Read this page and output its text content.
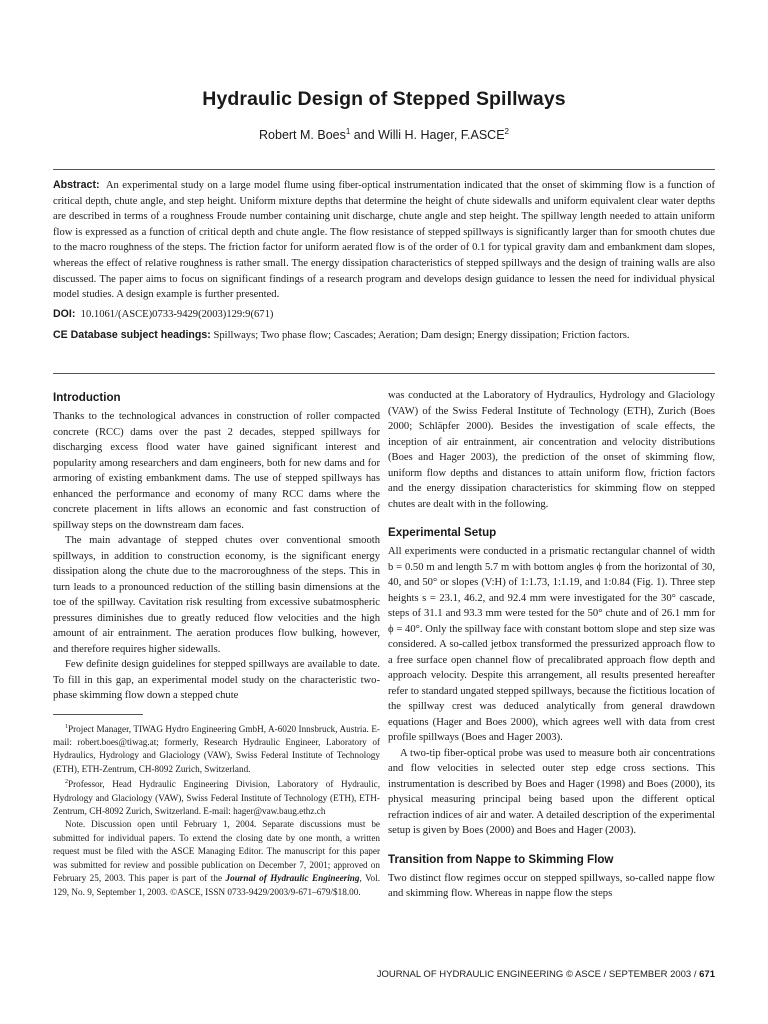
Hydraulic Design of Stepped Spillways
Robert M. Boes$^1$ and Willi H. Hager, F.ASCE$^2$

Abstract: An experimental study on a large model flume using fiber-optical instrumentation indicated that the onset of skimming flow is a function of critical depth, chute angle, and step height. Uniform mixture depths that determine the height of chute sidewalls and uniform equivalent clear water depths are described in terms of a roughness Froude number containing unit discharge, chute angle and step height. The spillway length needed to attain uniform flow is expressed as a function of critical depth and chute angle. The flow resistance of stepped spillways is significantly larger than for smooth chutes due to the macro roughness of the steps. The friction factor for uniform aerated flow is of the order of 0.1 for typical gravity dam and embankment dam slopes, whereas the effect of relative roughness is rather small. The energy dissipation characteristics of stepped spillways and the design of training walls are also discussed. The paper aims to focus on significant findings of a research program and develops design guidance to lessen the need for individual physical model studies. A design example is further presented.

DOI: 10.1061/(ASCE)0733-9429(2003)129:9(671)

CE Database subject headings: Spillways; Two phase flow; Cascades; Aeration; Dam design; Energy dissipation; Friction factors.

Introduction

Thanks to the technological advances in construction of roller compacted concrete (RCC) dams over the past 2 decades, stepped spillways for discharging excess flood water have gained significant interest and popularity among researchers and dam engineers, both for new dams and for armoring of existing embankment dams. The use of stepped spillways has enhanced the performance and economy of many RCC dams where the concrete placement in lifts allows an economic and fast construction of spillway steps on the downstream dam faces.

The main advantage of stepped chutes over conventional smooth spillways, in addition to construction economy, is the significant energy dissipation along the chute due to the macroroughness of the steps. This in turn leads to a pronounced reduction of the stilling basin dimensions at the toe of the spillway. Cavitation risk resulting from excessive subatmospheric pressures diminishes due to greatly reduced flow velocities and the high amount of air entrainment. The aeration produces flow bulking, however, and therefore requires higher sidewalls.

Few definite design guidelines for stepped spillways are available to date. To fill in this gap, an experimental model study on the characteristic two-phase skimming flow down a stepped chute

$^1$Project Manager, TIWAG Hydro Engineering GmbH, A-6020 Innsbruck, Austria. E-mail: robert.boes@tiwag.at; formerly, Research Hydraulic Engineer, Laboratory of Hydraulics, Hydrology and Glaciology (VAW), Swiss Federal Institute of Technology (ETH), ETH-Zentrum, CH-8092 Zurich, Switzerland.

$^2$Professor, Head Hydraulic Engineering Division, Laboratory of Hydraulic, Hydrology and Glaciology (VAW), Swiss Federal Institute of Technology (ETH), ETH-Zentrum, CH-8092 Zurich, Switzerland. E-mail: hager@vaw.baug.ethz.ch

Note. Discussion open until February 1, 2004. Separate discussions must be submitted for individual papers. To extend the closing date by one month, a written request must be filed with the ASCE Managing Editor. The manuscript for this paper was submitted for review and possible publication on December 7, 2001; approved on February 25, 2003. This paper is part of the Journal of Hydraulic Engineering, Vol. 129, No. 9, September 1, 2003. ©ASCE, ISSN 0733-9429/2003/9-671–679/$18.00.

was conducted at the Laboratory of Hydraulics, Hydrology and Glaciology (VAW) of the Swiss Federal Institute of Technology (ETH), Zurich (Boes 2000; Schläpfer 2000). Besides the investigation of scale effects, the inception of air entrainment, air concentration and velocity distributions (Boes and Hager 2003), the prediction of the onset of skimming flow, uniform flow depths and distances to attain uniform flow, friction factors and the energy dissipation characteristics for skimming flow on stepped chutes are dealt with in the following.

Experimental Setup

All experiments were conducted in a prismatic rectangular channel of width b = 0.50 m and length 5.7 m with bottom angles ϕ from the horizontal of 30, 40, and 50° or slopes (V:H) of 1:1.73, 1:1.19, and 1:0.84 (Fig. 1). Three step heights s = 23.1, 46.2, and 92.4 mm were investigated for the 30° cascade, steps of 31.1 and 93.3 mm were tested for the 50° chute and of 26.1 mm for ϕ = 40°. Only the spillway face with constant bottom slope and step size was considered. A so-called jetbox transformed the pressurized approach flow to a free surface open channel flow of precalibrated approach flow depth and approach velocity. Despite this arrangement, all results presented hereafter refer to standard ungated stepped spillways, because the fictitious location of the spillway crest was deduced analytically from general drawdown equations (Hager and Boes 2000), which agrees well with data from crest profile spillways (Boes and Hager 2003).

A two-tip fiber-optical probe was used to measure both air concentrations and flow velocities in selected outer step edge cross sections. This instrumentation is described by Boes and Hager (1998) and Boes (2000), its physical measuring principal being based upon the different optical refraction indices of air and water. A detailed description of the experimental setup is given by Boes (2000) and Boes and Hager (2003).

Transition from Nappe to Skimming Flow

Two distinct flow regimes occur on stepped spillways, so-called nappe flow and skimming flow. Whereas in nappe flow the steps

JOURNAL OF HYDRAULIC ENGINEERING © ASCE / SEPTEMBER 2003 / 671
